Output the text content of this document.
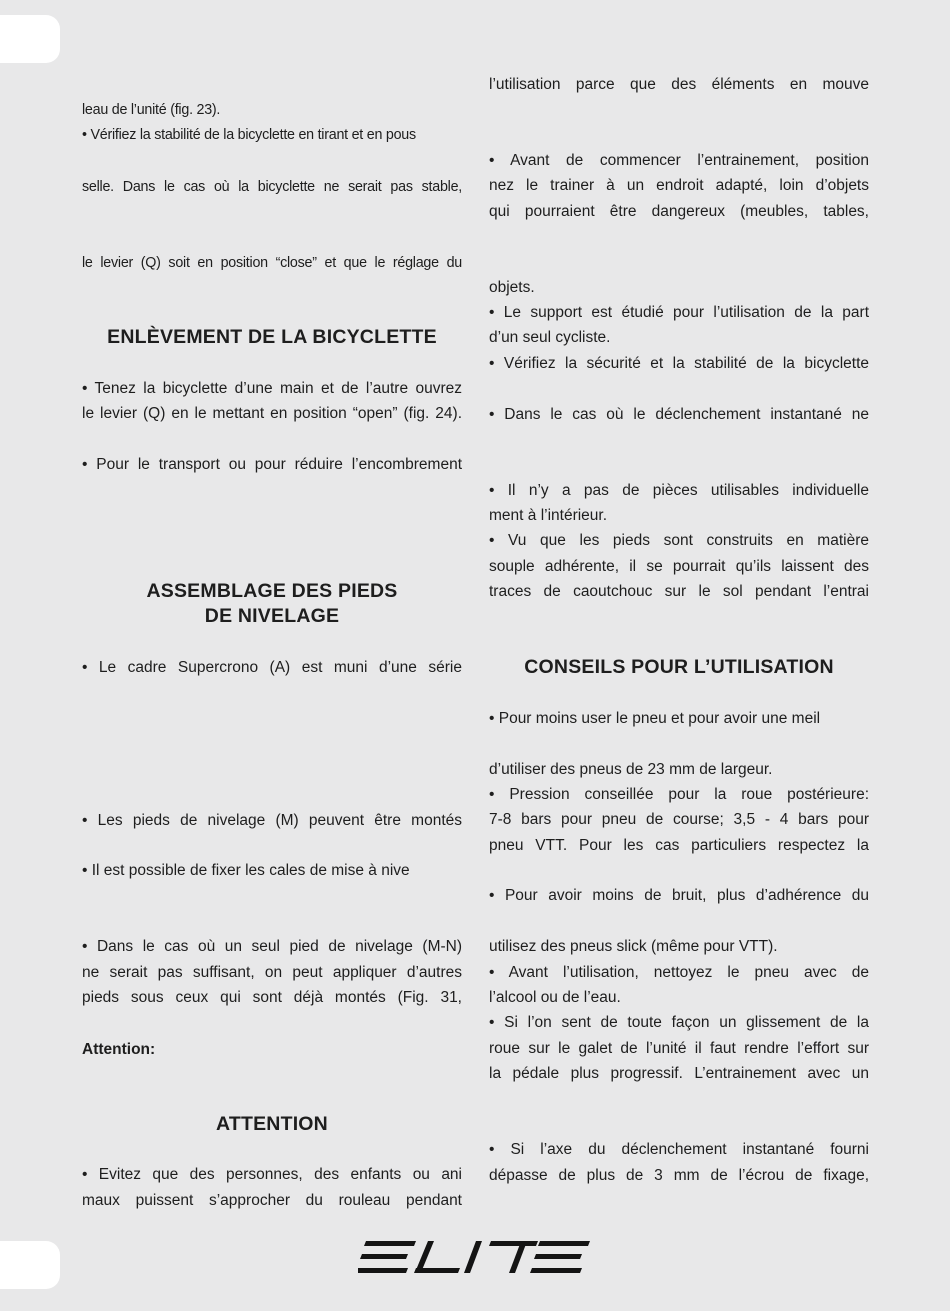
leau de l’unité (fig. 23).
• Vérifiez la stabilité de la bicyclette en tirant et en pous
selle. Dans le cas où la bicyclette ne serait pas stable,
le levier (Q) soit en position “close” et que le réglage du
ENLÈVEMENT DE LA BICYCLETTE
• Tenez la bicyclette d’une main et de l’autre ouvrez
le levier (Q) en le mettant en position “open” (fig. 24).
• Pour le transport ou pour réduire l’encombrement
ASSEMBLAGE DES PIEDS
DE NIVELAGE
• Le cadre Supercrono (A) est muni d’une série
• Les pieds de nivelage (M) peuvent être montés
• Il est possible de fixer les cales de mise à nive
• Dans le cas où un seul pied de nivelage (M-N)
ne serait pas suffisant, on peut appliquer d’autres
pieds sous ceux qui sont déjà montés (Fig. 31,
Attention:
ATTENTION
• Evitez que des personnes, des enfants ou ani
maux puissent s’approcher du rouleau pendant
l’utilisation parce que des éléments en mouve
• Avant de commencer l’entrainement, position
nez le trainer à un endroit adapté, loin d’objets
qui pourraient être dangereux (meubles, tables,
objets.
• Le support est étudié pour l’utilisation de la part
d’un seul cycliste.
• Vérifiez la sécurité et la stabilité de la bicyclette
• Dans le cas où le déclenchement instantané ne
• Il n’y a pas de pièces utilisables individuelle
ment à l’intérieur.
• Vu que les pieds sont construits en matière
souple adhérente, il se pourrait qu’ils laissent des
traces de caoutchouc sur le sol pendant l’entrai
CONSEILS POUR L’UTILISATION
• Pour moins user le pneu et pour avoir une meil
d’utiliser des pneus de 23 mm de largeur.
• Pression conseillée pour la roue postérieure:
7-8 bars pour pneu de course; 3,5 - 4 bars pour
pneu VTT. Pour les cas particuliers respectez la
• Pour avoir moins de bruit, plus d’adhérence du
utilisez des pneus slick (même pour VTT).
• Avant l’utilisation, nettoyez le pneu avec de
l’alcool ou de l’eau.
• Si l’on sent de toute façon un glissement de la
roue sur le galet de l’unité il faut rendre l’effort sur
la pédale plus progressif. L’entrainement avec un
• Si l’axe du déclenchement instantané fourni
dépasse de plus de 3 mm de l’écrou de fixage,
